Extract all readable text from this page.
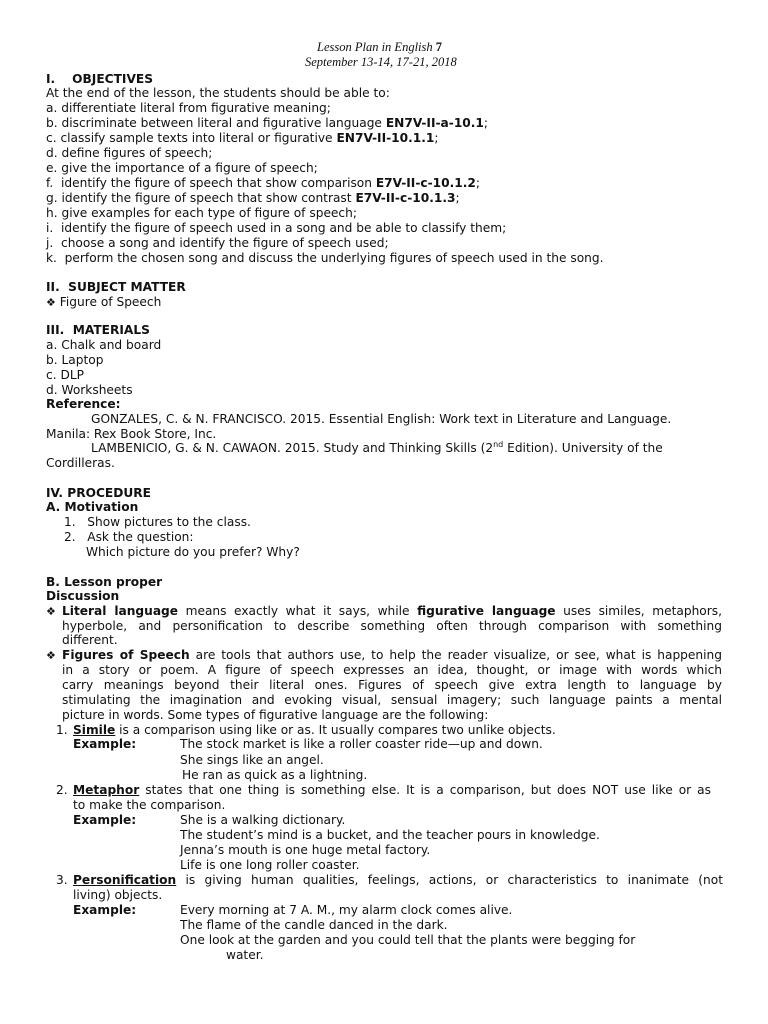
Lesson Plan in English 7
September 13-14, 17-21, 2018
I.    OBJECTIVES
At the end of the lesson, the students should be able to:
a. differentiate literal from figurative meaning;
b. discriminate between literal and figurative language EN7V-II-a-10.1;
c. classify sample texts into literal or figurative EN7V-II-10.1.1;
d. define figures of speech;
e. give the importance of a figure of speech;
f.  identify the figure of speech that show comparison E7V-II-c-10.1.2;
g. identify the figure of speech that show contrast E7V-II-c-10.1.3;
h. give examples for each type of figure of speech;
i.  identify the figure of speech used in a song and be able to classify them;
j.  choose a song and identify the figure of speech used;
k.  perform the chosen song and discuss the underlying figures of speech used in the song.
II.  SUBJECT MATTER
❖ Figure of Speech
III.  MATERIALS
a. Chalk and board
b. Laptop
c. DLP
d. Worksheets
Reference:
GONZALES, C. & N. FRANCISCO. 2015. Essential English: Work text in Literature and Language.
Manila: Rex Book Store, Inc.
LAMBENICIO, G. & N. CAWAON. 2015. Study and Thinking Skills (2nd Edition). University of the
Cordilleras.
IV. PROCEDURE
A. Motivation
1.   Show pictures to the class.
2.   Ask the question:
Which picture do you prefer? Why?
B. Lesson proper
Discussion
❖ Literal language means exactly what it says, while figurative language uses similes, metaphors,
hyperbole, and personification to describe something often through comparison with something
different.
❖ Figures of Speech are tools that authors use, to help the reader visualize, or see, what is happening
in a story or poem. A figure of speech expresses an idea, thought, or image with words which
carry meanings beyond their literal ones. Figures of speech give extra length to language by
stimulating the imagination and evoking visual, sensual imagery; such language paints a mental
picture in words. Some types of figurative language are the following:
1. Simile is a comparison using like or as. It usually compares two unlike objects.
Example:	The stock market is like a roller coaster ride—up and down.
She sings like an angel.
He ran as quick as a lightning.
2. Metaphor states that one thing is something else. It is a comparison, but does NOT use like or as
to make the comparison.
Example:	She is a walking dictionary.
The student’s mind is a bucket, and the teacher pours in knowledge.
Jenna’s mouth is one huge metal factory.
Life is one long roller coaster.
3. Personification is giving human qualities, feelings, actions, or characteristics to inanimate (not
living) objects.
Example:	Every morning at 7 A. M., my alarm clock comes alive.
The flame of the candle danced in the dark.
One look at the garden and you could tell that the plants were begging for
water.
